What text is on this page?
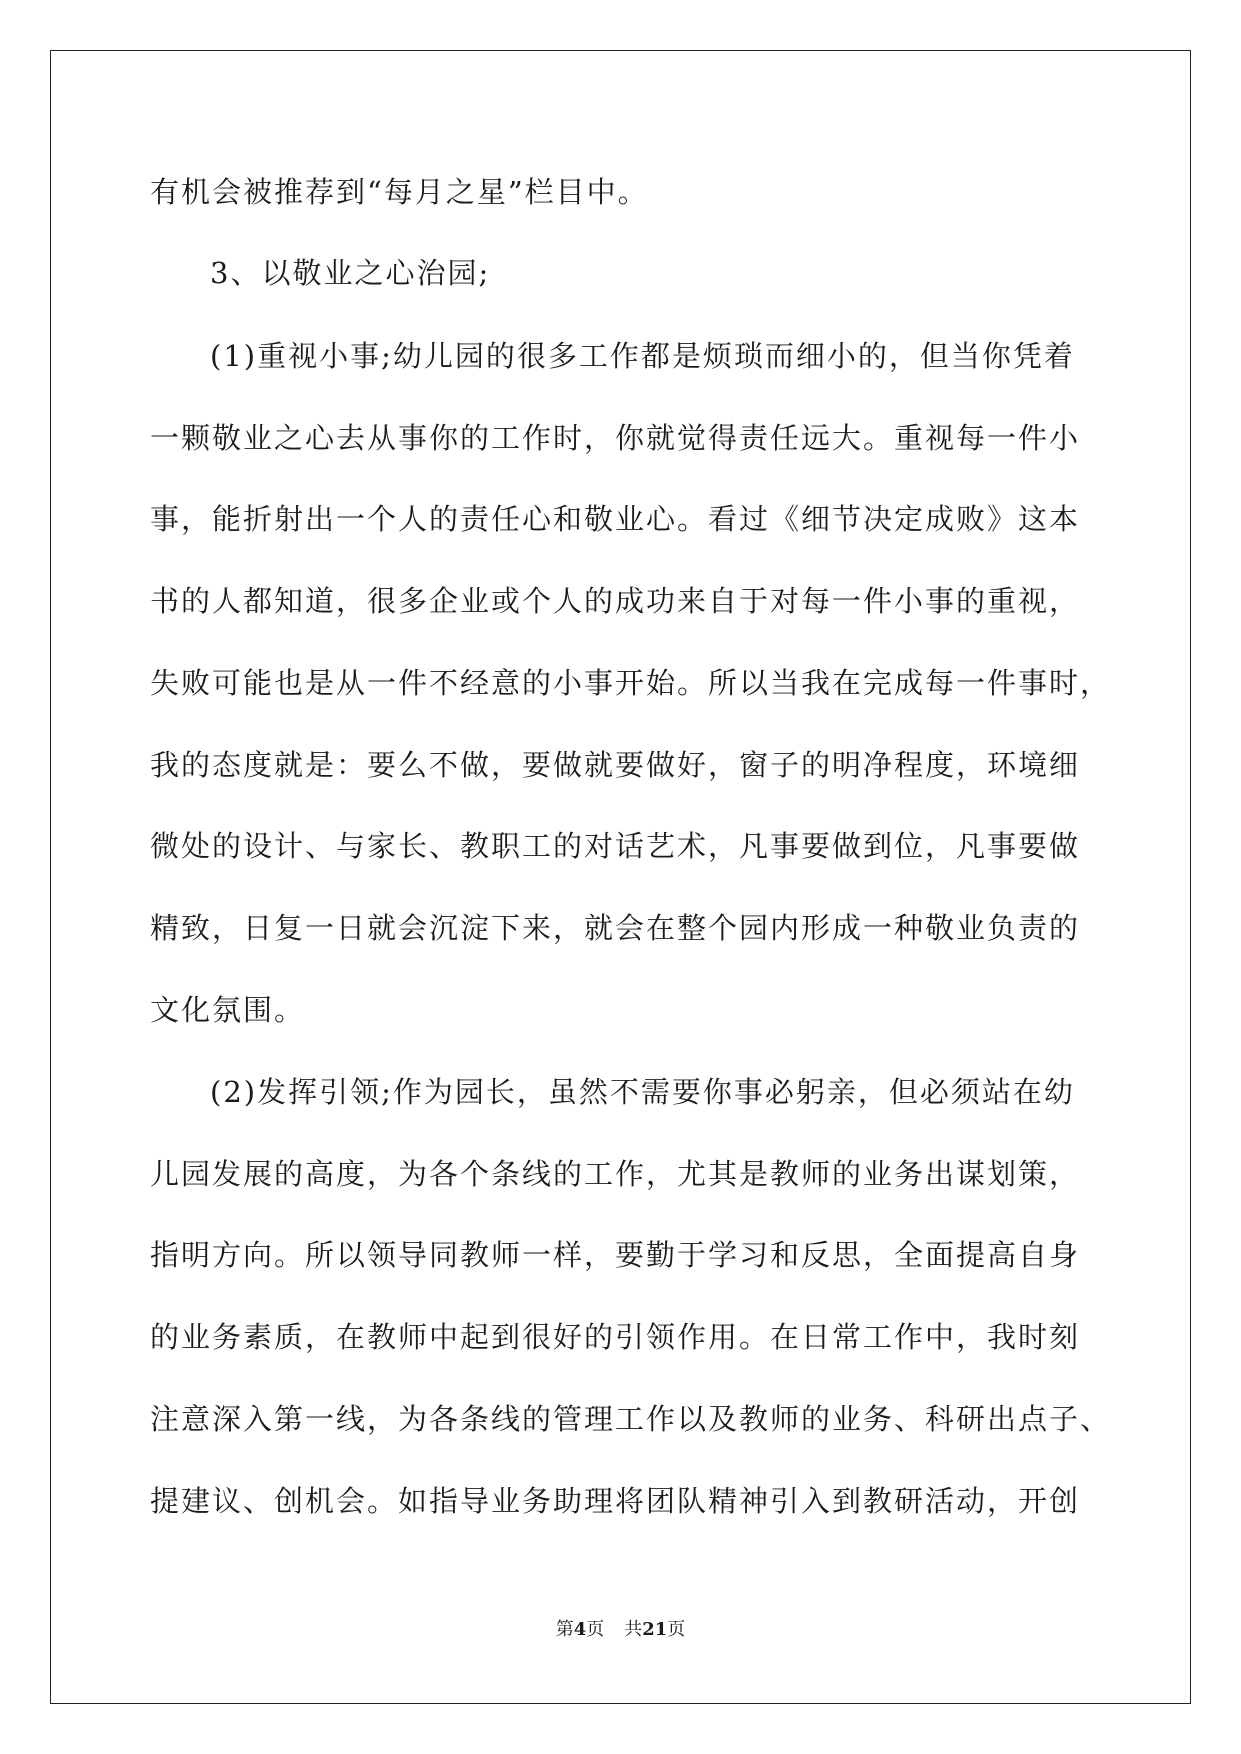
有机会被推荐到“每月之星”栏目中。
3、以敬业之心治园;
(1)重视小事;幼儿园的很多工作都是烦琐而细小的，但当你凭着
一颗敬业之心去从事你的工作时，你就觉得责任远大。重视每一件小
事，能折射出一个人的责任心和敬业心。看过《细节决定成败》这本
书的人都知道，很多企业或个人的成功来自于对每一件小事的重视，
失败可能也是从一件不经意的小事开始。所以当我在完成每一件事时，
我的态度就是：要么不做，要做就要做好，窗子的明净程度，环境细
微处的设计、与家长、教职工的对话艺术，凡事要做到位，凡事要做
精致，日复一日就会沉淀下来，就会在整个园内形成一种敬业负责的
文化氛围。
(2)发挥引领;作为园长，虽然不需要你事必躬亲，但必须站在幼
儿园发展的高度，为各个条线的工作，尤其是教师的业务出谋划策，
指明方向。所以领导同教师一样，要勤于学习和反思，全面提高自身
的业务素质，在教师中起到很好的引领作用。在日常工作中，我时刻
注意深入第一线，为各条线的管理工作以及教师的业务、科研出点子、
提建议、创机会。如指导业务助理将团队精神引入到教研活动，开创
第4页 共21页
